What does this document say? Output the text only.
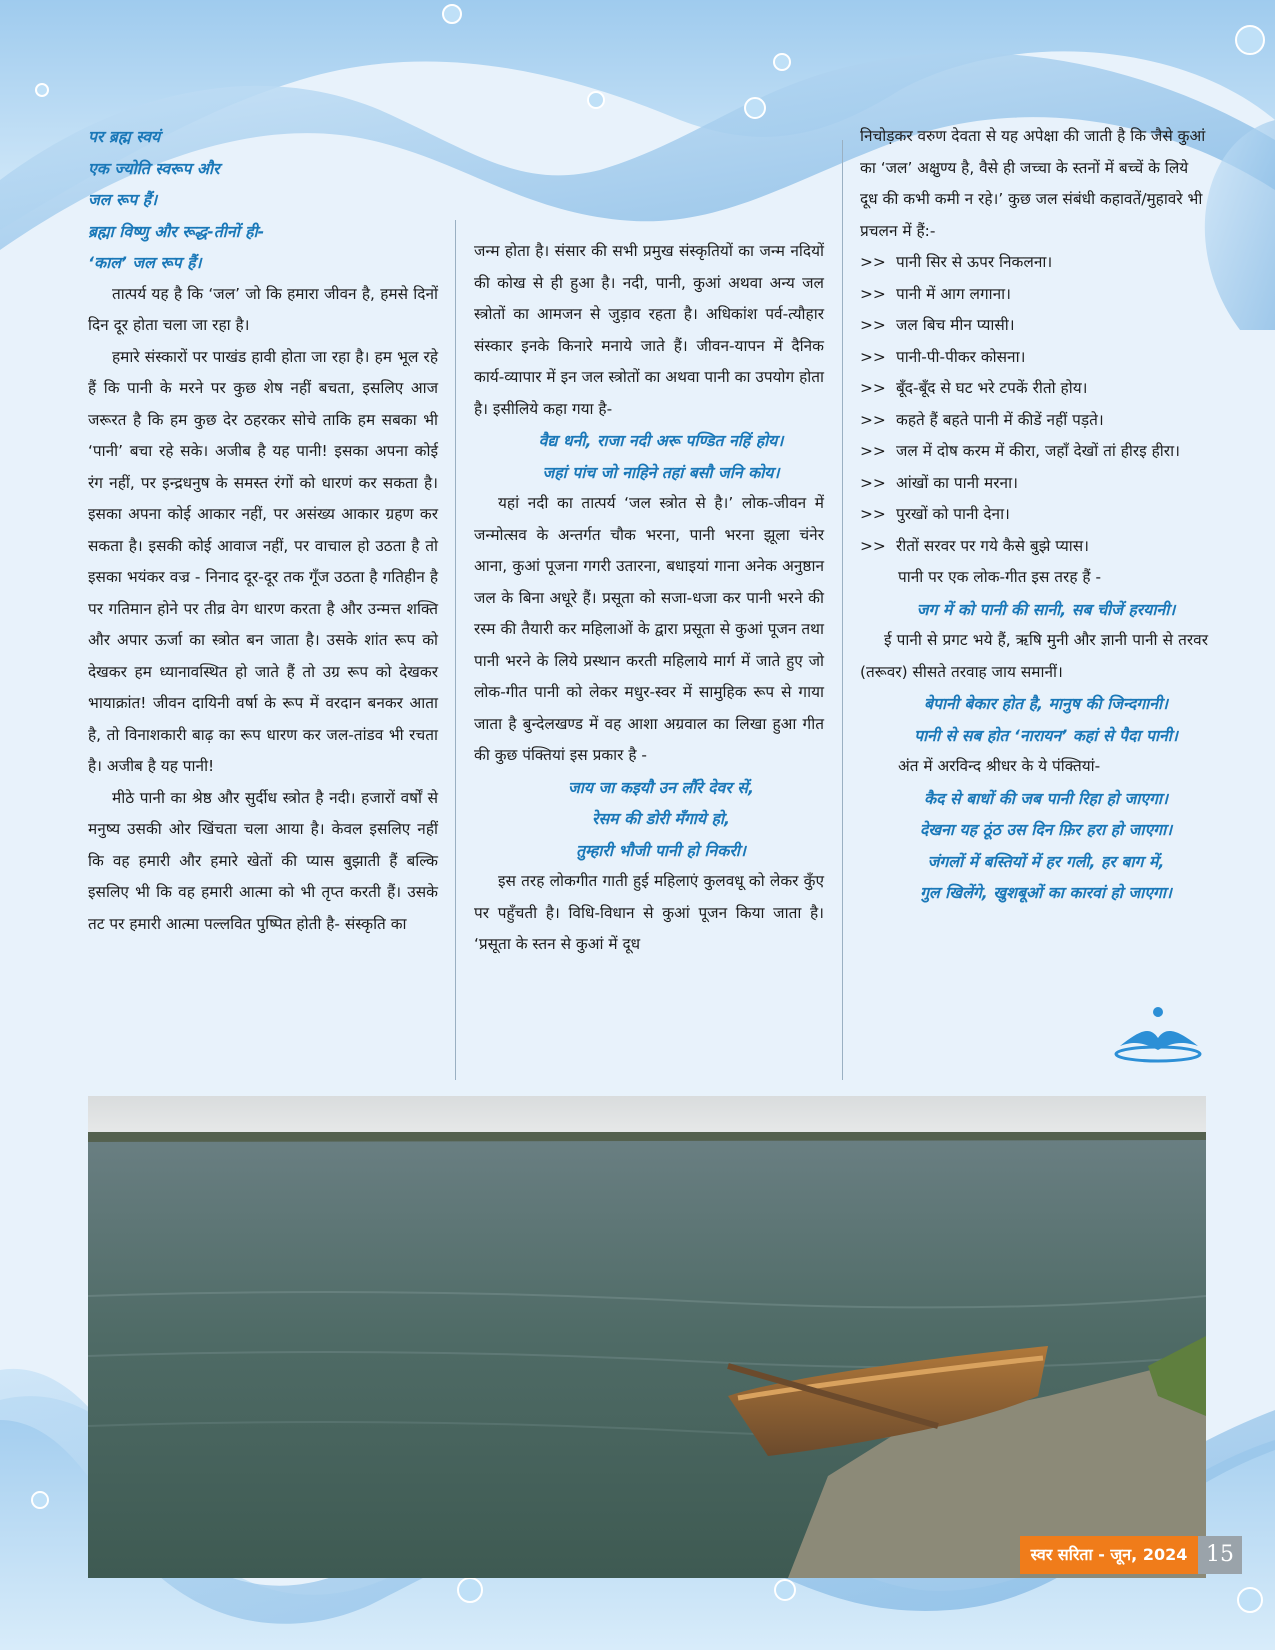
पर ब्रह्म स्वयं

एक ज्योति स्वरूप और

जल रूप हैं।

ब्रह्मा विष्णु और रूद्ध-तीनों ही-

‘काल’ जल रूप हैं।

तात्पर्य यह है कि ‘जल’ जो कि हमारा जीवन है, हमसे दिनों दिन दूर होता चला जा रहा है।

हमारे संस्कारों पर पाखंड हावी होता जा रहा है। हम भूल रहे हैं कि पानी के मरने पर कुछ शेष नहीं बचता, इसलिए आज जरूरत है कि हम कुछ देर ठहरकर सोचे ताकि हम सबका भी ‘पानी’ बचा रहे सके। अजीब है यह पानी! इसका अपना कोई रंग नहीं, पर इन्द्रधनुष के समस्त रंगों को धारणं कर सकता है। इसका अपना कोई आकार नहीं, पर असंख्य आकार ग्रहण कर सकता है। इसकी कोई आवाज नहीं, पर वाचाल हो उठता है तो इसका भयंकर वज्र - निनाद दूर-दूर तक गूँज उठता है गतिहीन है पर गतिमान होने पर तीव्र वेग धारण करता है और उन्मत्त शक्ति और अपार ऊर्जा का स्त्रोत बन जाता है। उसके शांत रूप को देखकर हम ध्यानावस्थित हो जाते हैं तो उग्र रूप को देखकर भायाक्रांत! जीवन दायिनी वर्षा के रूप में वरदान बनकर आता है, तो विनाशकारी बाढ़ का रूप धारण कर जल-तांडव भी रचता है। अजीब है यह पानी!

मीठे पानी का श्रेष्ठ और सुर्दीध स्त्रोत है नदी। हजारों वर्षों से मनुष्य उसकी ओर खिंचता चला आया है। केवल इसलिए नहीं कि वह हमारी और हमारे खेतों की प्यास बुझाती हैं बल्कि इसलिए भी कि वह हमारी आत्मा को भी तृप्त करती हैं। उसके तट पर हमारी आत्मा पल्लवित पुष्पित होती है- संस्कृति का

जन्म होता है। संसार की सभी प्रमुख संस्कृतियों का जन्म नदियों की कोख से ही हुआ है। नदी, पानी, कुआं अथवा अन्य जल स्त्रोतों का आमजन से जुड़ाव रहता है। अधिकांश पर्व-त्यौहार संस्कार इनके किनारे मनाये जाते हैं। जीवन-यापन में दैनिक कार्य-व्यापार में इन जल स्त्रोतों का अथवा पानी का उपयोग होता है। इसीलिये कहा गया है-

वैद्य धनी, राजा नदी अरू पण्डित नहिं होय।

जहां पांच जो नाहिने तहां बसौ जनि कोय।

यहां नदी का तात्पर्य ‘जल स्त्रोत से है।’ लोक-जीवन में जन्मोत्सव के अन्तर्गत चौक भरना, पानी भरना झूला चंनेर आना, कुआं पूजना गगरी उतारना, बधाइयां गाना अनेक अनुष्ठान जल के बिना अधूरे हैं। प्रसूता को सजा-धजा कर पानी भरने की रस्म की तैयारी कर महिलाओं के द्वारा प्रसूता से कुआं पूजन तथा पानी भरने के लिये प्रस्थान करती महिलाये मार्ग में जाते हुए जो लोक-गीत पानी को लेकर मधुर-स्वर में सामुहिक रूप से गाया जाता है बुन्देलखण्ड में वह आशा अग्रवाल का लिखा हुआ गीत की कुछ पंक्तियां इस प्रकार है -

जाय जा कइयौ उन लौंरे देवर सें,

रेसम की डोरी मँगाये हो,

तुम्हारी भौजी पानी हो निकरी।

इस तरह लोकगीत गाती हुई महिलाएं कुलवधू को लेकर कुँए पर पहुँचती है। विधि-विधान से कुआं पूजन किया जाता है। ‘प्रसूता के स्तन से कुआं में दूध

निचोड़कर वरुण देवता से यह अपेक्षा की जाती है कि जैसे कुआं का ‘जल’ अक्षुण्य है, वैसे ही जच्चा के स्तनों में बच्चें के लिये दूध की कभी कमी न रहे।’ कुछ जल संबंधी कहावतें/मुहावरे भी प्रचलन में हैं:-

>> पानी सिर से ऊपर निकलना।
>> पानी में आग लगाना।
>> जल बिच मीन प्यासी।
>> पानी-पी-पीकर कोसना।
>> बूँद-बूँद से घट भरे टपकें रीतो होय।
>> कहते हैं बहते पानी में कीडें नहीं पड़ते।
>> जल में दोष करम में कीरा, जहाँ देखों तां हीरइ हीरा।
>> आंखों का पानी मरना।
>> पुरखों को पानी देना।
>> रीतों सरवर पर गये कैसे बुझे प्यास।

पानी पर एक लोक-गीत इस तरह हैं -

जग में को पानी की सानी, सब चीजें हरयानी।

ई पानी से प्रगट भये हैं, ऋषि मुनी और ज्ञानी पानी से तरवर (तरूवर) सीसते तरवाह जाय समानीं।

बेपानी बेकार होत है, मानुष की जिन्दगानी।

पानी से सब होत ‘नारायन’ कहां से पैदा पानी।

अंत में अरविन्द श्रीधर के ये पंक्तियां-

कैद से बाधों की जब पानी रिहा हो जाएगा।

देखना यह ठूंठ उस दिन फ़िर हरा हो जाएगा।

जंगलों में बस्तियों में हर गली, हर बाग में,

गुल खिलेंगे, खुशबूओं का कारवां हो जाएगा।

स्वर सरिता - जून, 2024 15
